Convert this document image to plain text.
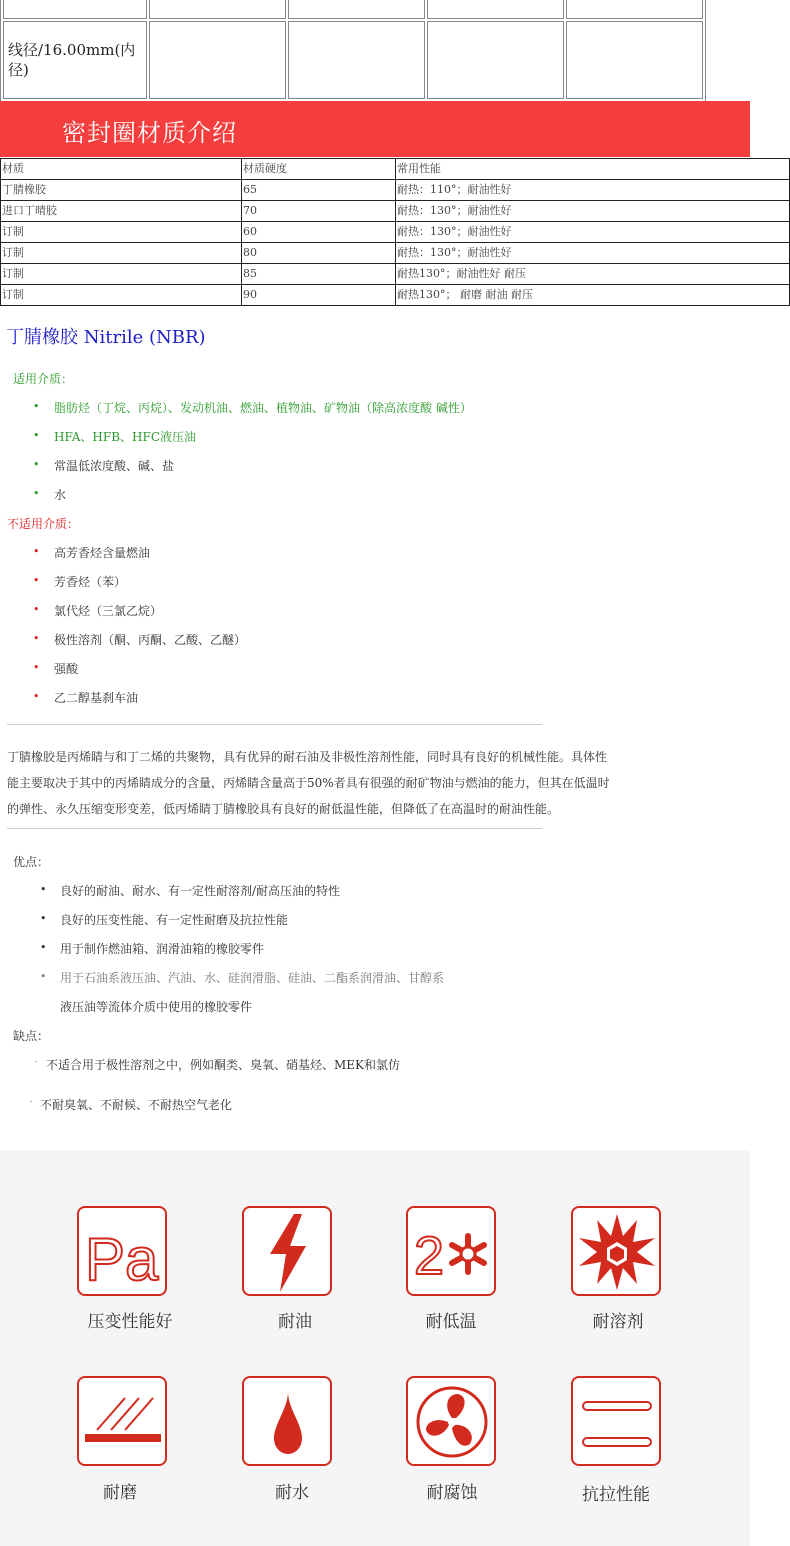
线径/16.00mm(内径)				
密封圈材质介绍
材质	材质硬度	常用性能
丁腈橡胶	65	耐热：110°；耐油性好
进口丁晴胶	70	耐热：130°；耐油性好
订制	60	耐热：130°；耐油性好
订制	80	耐热：130°；耐油性好
订制	85	耐热130°；耐油性好 耐压
订制	90	耐热130°； 耐磨 耐油 耐压
丁腈橡胶 Nitrile (NBR)
适用介质：
• 脂肪烃（丁烷、丙烷）、发动机油、燃油、植物油、矿物油（除高浓度酸 碱性）
• HFA、HFB、HFC液压油
• 常温低浓度酸、碱、盐
• 水
不适用介质：
• 高芳香烃含量燃油
• 芳香烃（苯）
• 氯代烃（三氯乙烷）
• 极性溶剂（酮、丙酮、乙酸、乙醚）
• 强酸
• 乙二醇基刹车油
丁腈橡胶是丙烯睛与和丁二烯的共聚物，具有优异的耐石油及非极性溶剂性能，同时具有良好的机械性能。具体性能主要取决于其中的丙烯睛成分的含量，丙烯睛含量高于50%者具有很强的耐矿物油与燃油的能力，但其在低温时的弹性、永久压缩变形变差，低丙烯睛丁腈橡胶具有良好的耐低温性能，但降低了在高温时的耐油性能。
优点：
• 良好的耐油、耐水、有一定性耐溶剂/耐高压油的特性
• 良好的压变性能、有一定性耐磨及抗拉性能
• 用于制作燃油箱、润滑油箱的橡胶零件
• 用于石油系液压油、汽油、水、硅润滑脂、硅油、二酯系润滑油、甘醇系
液压油等流体介质中使用的橡胶零件
缺点：
· 不适合用于极性溶剂之中，例如酮类、臭氧、硝基烃、MEK和氯仿
· 不耐臭氧、不耐候、不耐热空气老化
Pa
压变性能好	耐油
2
耐低温	耐溶剂
耐磨	耐水	耐腐蚀	抗拉性能
